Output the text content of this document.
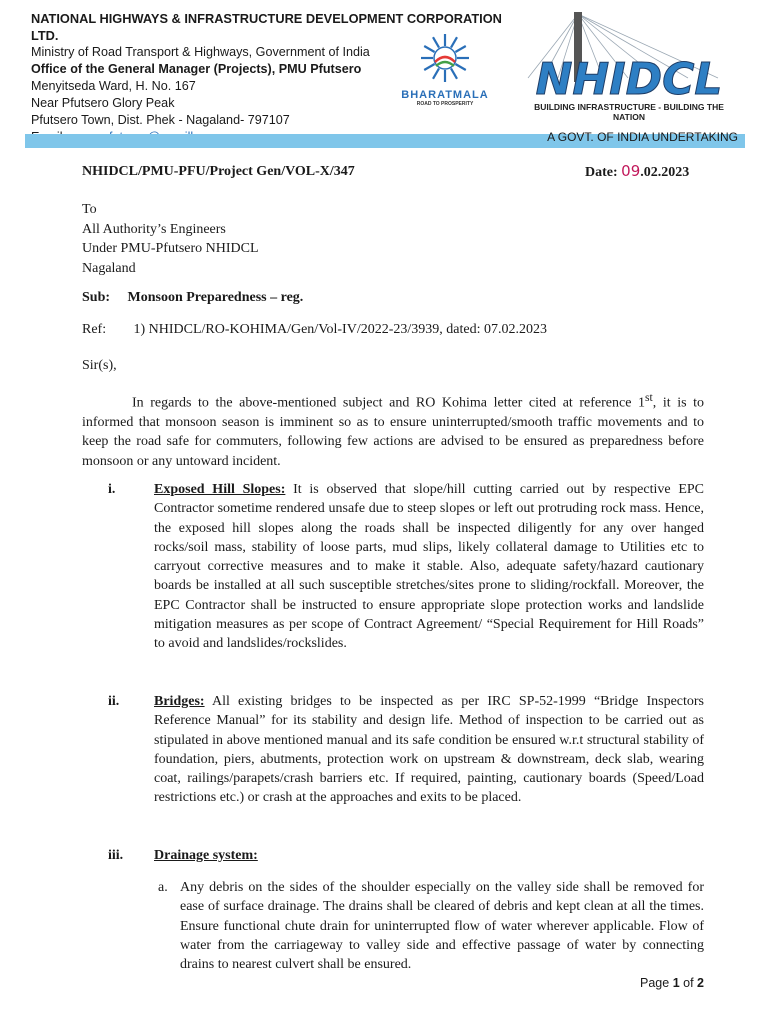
NATIONAL HIGHWAYS & INFRASTRUCTURE DEVELOPMENT CORPORATION LTD.
Ministry of Road Transport & Highways, Government of India
Office of the General Manager (Projects), PMU Pfutsero
Menyitseda Ward, H. No. 167
Near Pfutsero Glory Peak
Pfutsero Town, Dist. Phek - Nagaland- 797107
BHARATMALA
ROAD TO PROSPERITY	NHIDCL
BUILDING INFRASTRUCTURE - BUILDING THE NATION
A GOVT. OF INDIA UNDERTAKING
NHIDCL/PMU-PFU/Project Gen/VOL-X/347	Date: 09.02.2023
To
All Authority’s Engineers
Under PMU-Pfutsero NHIDCL
Nagaland
Sub: Monsoon Preparedness – reg.
Ref: 1) NHIDCL/RO-KOHIMA/Gen/Vol-IV/2022-23/3939, dated: 07.02.2023
Sir(s),
In regards to the above-mentioned subject and RO Kohima letter cited at reference 1st, it is to informed that monsoon season is imminent so as to ensure uninterrupted/smooth traffic movements and to keep the road safe for commuters, following few actions are advised to be ensured as preparedness before monsoon or any untoward incident.
i.	Exposed Hill Slopes: It is observed that slope/hill cutting carried out by respective EPC Contractor sometime rendered unsafe due to steep slopes or left out protruding rock mass. Hence, the exposed hill slopes along the roads shall be inspected diligently for any over hanged rocks/soil mass, stability of loose parts, mud slips, likely collateral damage to Utilities etc to carryout corrective measures and to make it stable. Also, adequate safety/hazard cautionary boards be installed at all such susceptible stretches/sites prone to sliding/rockfall. Moreover, the EPC Contractor shall be instructed to ensure appropriate slope protection works and landslide mitigation measures as per scope of Contract Agreement/ “Special Requirement for Hill Roads” to avoid and landslides/rockslides.
ii. Bridges: All existing bridges to be inspected as per IRC SP-52-1999 “Bridge Inspectors Reference Manual” for its stability and design life. Method of inspection to be carried out as stipulated in above mentioned manual and its safe condition be ensured w.r.t structural stability of foundation, piers, abutments, protection work on upstream & downstream, deck slab, wearing coat, railings/parapets/crash barriers etc. If required, painting, cautionary boards (Speed/Load restrictions etc.) or crash at the approaches and exits to be placed.
iii. Drainage system:
a. Any debris on the sides of the shoulder especially on the valley side shall be removed for ease of surface drainage. The drains shall be cleared of debris and kept clean at all the times. Ensure functional chute drain for uninterrupted flow of water wherever applicable. Flow of water from the carriageway to valley side and effective passage of water by connecting drains to nearest culvert shall be ensured.
Page 1 of 2
